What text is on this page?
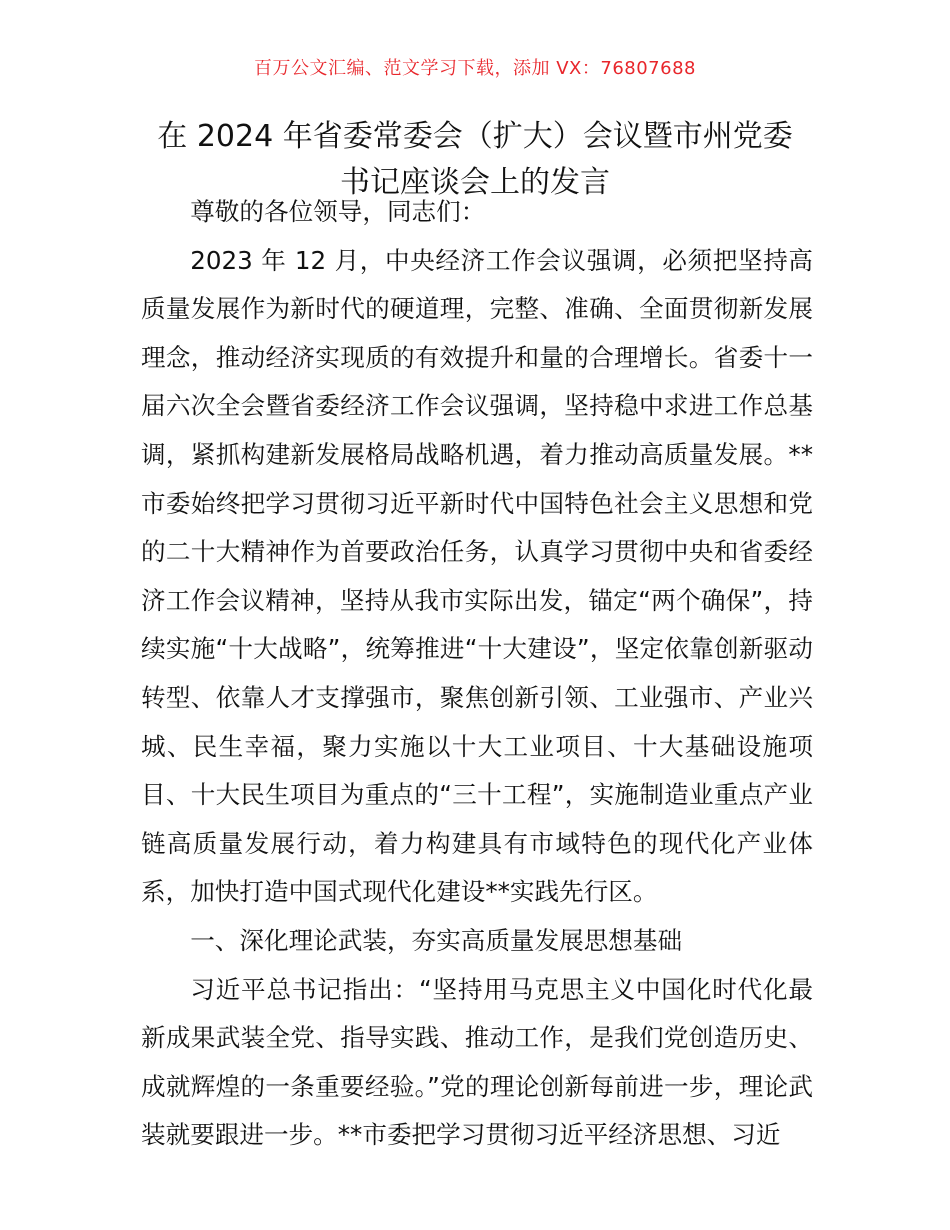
百万公文汇编、范文学习下载，添加 VX：76807688
在 2024 年省委常委会（扩大）会议暨市州党委
书记座谈会上的发言

尊敬的各位领导，同志们：

2023 年 12 月，中央经济工作会议强调，必须把坚持高质量发展作为新时代的硬道理，完整、准确、全面贯彻新发展理念，推动经济实现质的有效提升和量的合理增长。省委十一届六次全会暨省委经济工作会议强调，坚持稳中求进工作总基调，紧抓构建新发展格局战略机遇，着力推动高质量发展。**市委始终把学习贯彻习近平新时代中国特色社会主义思想和党的二十大精神作为首要政治任务，认真学习贯彻中央和省委经济工作会议精神，坚持从我市实际出发，锚定“两个确保”，持续实施“十大战略”，统筹推进“十大建设”，坚定依靠创新驱动转型、依靠人才支撑强市，聚焦创新引领、工业强市、产业兴城、民生幸福，聚力实施以十大工业项目、十大基础设施项目、十大民生项目为重点的“三十工程”，实施制造业重点产业链高质量发展行动，着力构建具有市域特色的现代化产业体系，加快打造中国式现代化建设**实践先行区。

一、深化理论武装，夯实高质量发展思想基础

习近平总书记指出：“坚持用马克思主义中国化时代化最新成果武装全党、指导实践、推动工作，是我们党创造历史、成就辉煌的一条重要经验。”党的理论创新每前进一步，理论武装就要跟进一步。**市委把学习贯彻习近平经济思想、习近
